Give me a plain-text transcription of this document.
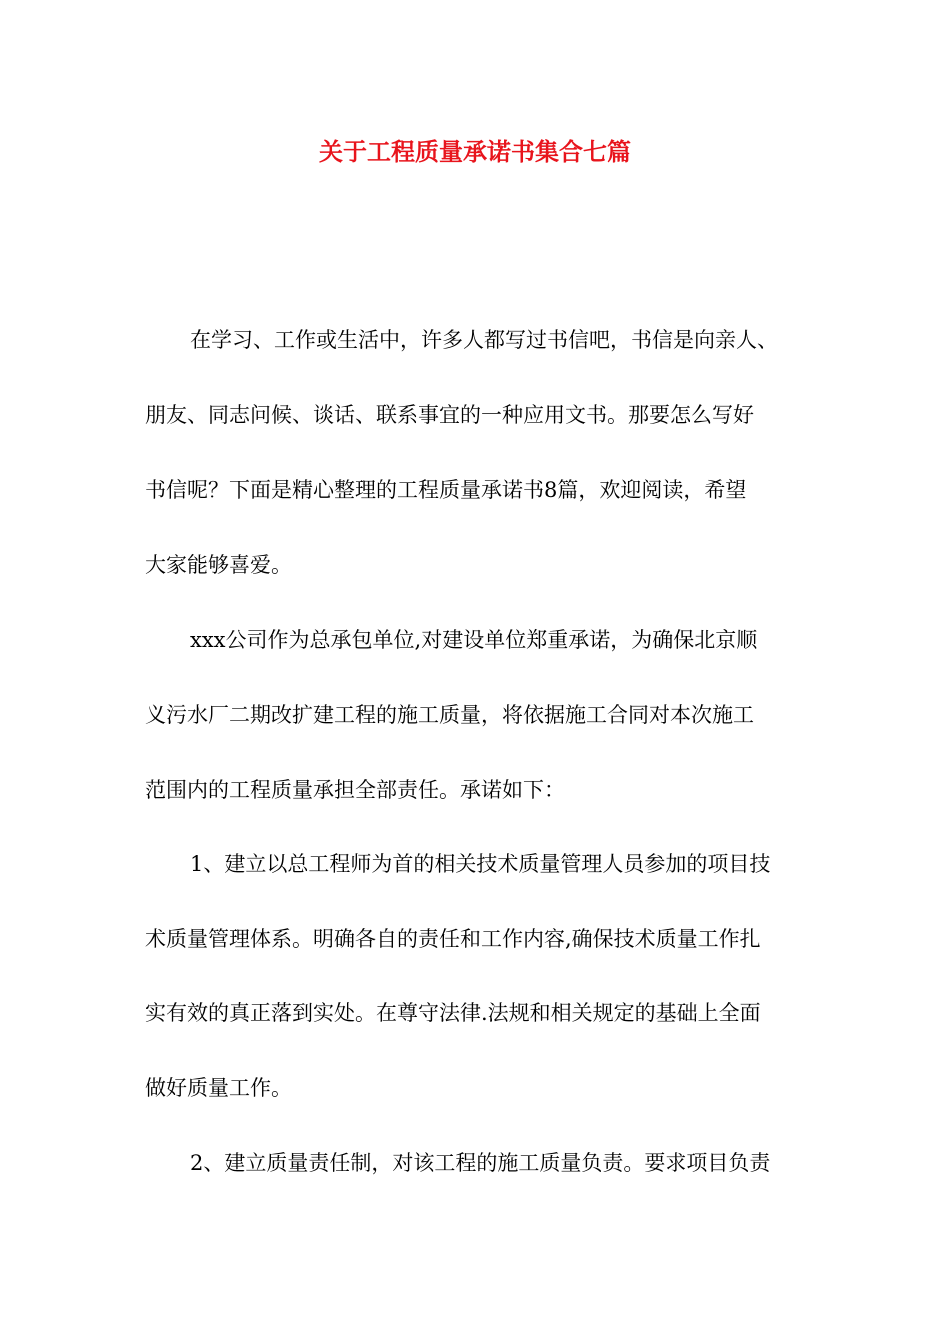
关于工程质量承诺书集合七篇

在学习、工作或生活中，许多人都写过书信吧，书信是向亲人、

朋友、同志问候、谈话、联系事宜的一种应用文书。那要怎么写好

书信呢？下面是精心整理的工程质量承诺书8篇，欢迎阅读，希望

大家能够喜爱。

xxx公司作为总承包单位,对建设单位郑重承诺，为确保北京顺

义污水厂二期改扩建工程的施工质量，将依据施工合同对本次施工

范围内的工程质量承担全部责任。承诺如下：

1、建立以总工程师为首的相关技术质量管理人员参加的项目技

术质量管理体系。明确各自的责任和工作内容,确保技术质量工作扎

实有效的真正落到实处。在尊守法律.法规和相关规定的基础上全面

做好质量工作。

2、建立质量责任制，对该工程的施工质量负责。要求项目负责
